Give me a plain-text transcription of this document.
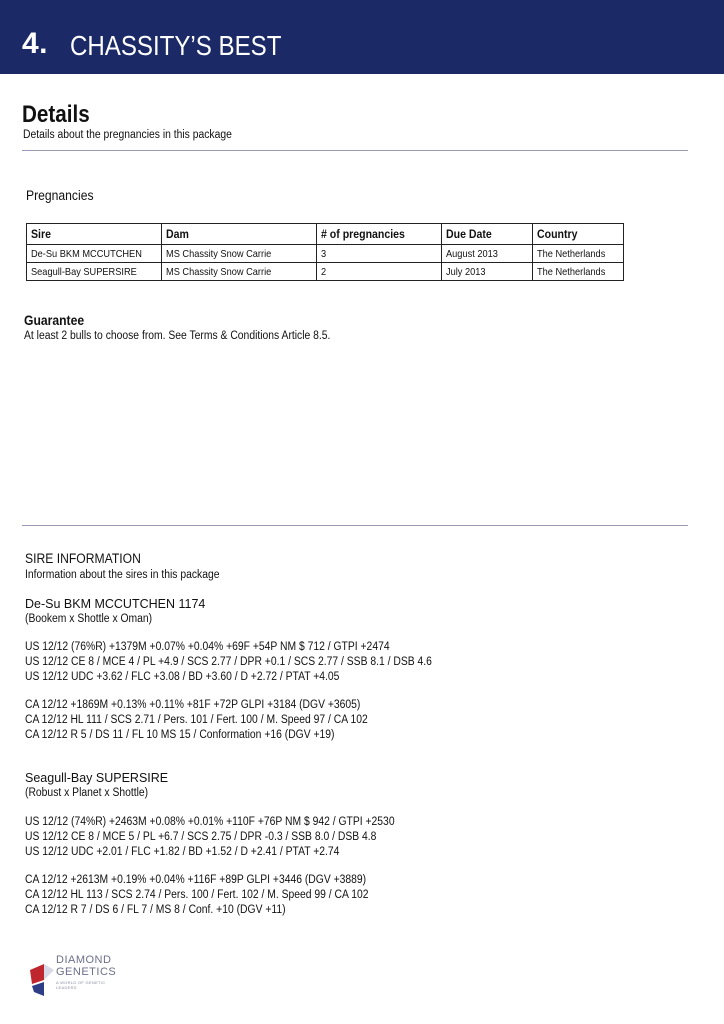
4. CHASSITY’S BEST
Details
Details about the pregnancies in this package
Pregnancies
Sire	Dam	# of pregnancies	Due Date	Country
De-Su BKM MCCUTCHEN	MS Chassity Snow Carrie	3	August 2013	The Netherlands
Seagull-Bay SUPERSIRE	MS Chassity Snow Carrie	2	July 2013	The Netherlands
Guarantee
At least 2 bulls to choose from. See Terms & Conditions Article 8.5.
SIRE INFORMATION
Information about the sires in this package
De-Su BKM MCCUTCHEN 1174
(Bookem x Shottle x Oman)
US 12/12 (76%R) +1379M +0.07% +0.04% +69F +54P NM $ 712 / GTPI +2474
US 12/12 CE 8 / MCE 4 / PL +4.9 / SCS 2.77 / DPR +0.1 / SCS 2.77 / SSB 8.1 / DSB 4.6
US 12/12 UDC +3.62 / FLC +3.08 / BD +3.60 / D +2.72 / PTAT +4.05
CA 12/12 +1869M +0.13% +0.11% +81F +72P GLPI +3184 (DGV +3605)
CA 12/12 HL 111 / SCS 2.71 / Pers. 101 / Fert. 100 / M. Speed 97 / CA 102
CA 12/12 R 5 / DS 11 / FL 10 MS 15 / Conformation +16 (DGV +19)
Seagull-Bay SUPERSIRE
(Robust x Planet x Shottle)
US 12/12 (74%R) +2463M +0.08% +0.01% +110F +76P NM $ 942 / GTPI +2530
US 12/12 CE 8 / MCE 5 / PL +6.7 / SCS 2.75 / DPR -0.3 / SSB 8.0 / DSB 4.8
US 12/12 UDC +2.01 / FLC +1.82 / BD +1.52 / D +2.41 / PTAT +2.74
CA 12/12 +2613M +0.19% +0.04% +116F +89P GLPI +3446 (DGV +3889)
CA 12/12 HL 113 / SCS 2.74 / Pers. 100 / Fert. 102 / M. Speed 99 / CA 102
CA 12/12 R 7 / DS 6 / FL 7 / MS 8 / Conf. +10 (DGV +11)
DIAMOND
GENETICS
A WORLD OF GENETIC LEADERS
